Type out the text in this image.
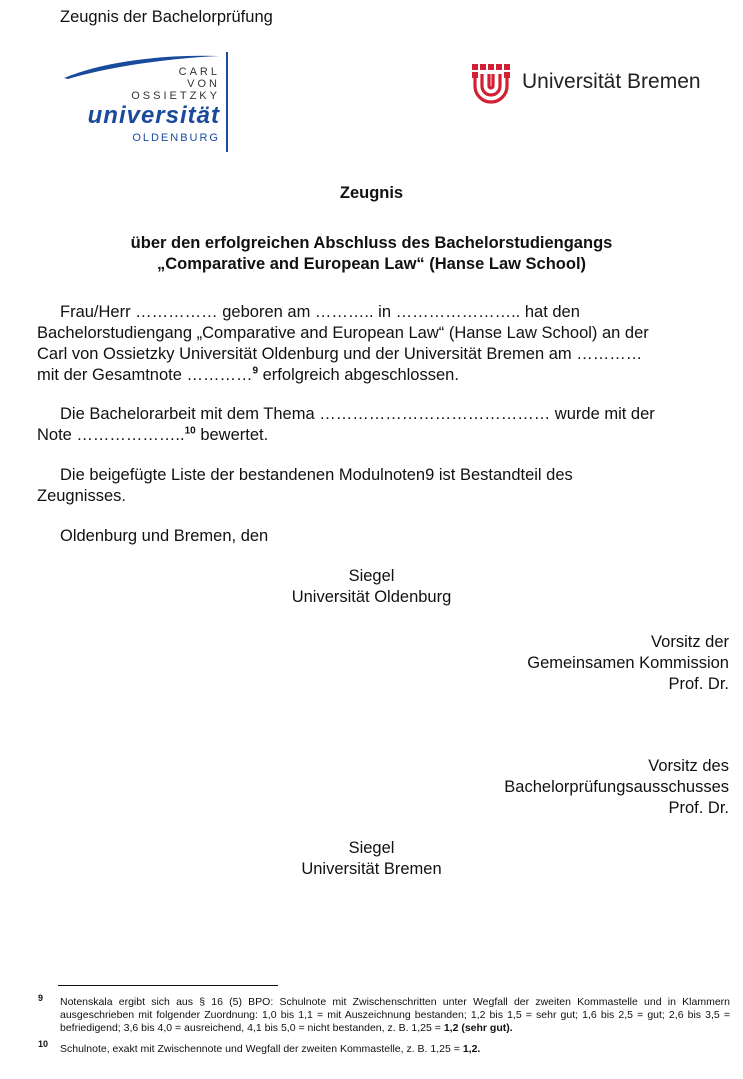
Zeugnis der Bachelorprüfung
CARL
VON
OSSIETZKY
universität
OLDENBURG
Universität Bremen
Zeugnis
über den erfolgreichen Abschluss des Bachelorstudiengangs
„Comparative and European Law“ (Hanse Law School)
Frau/Herr …………… geboren am ……….. in ………………….. hat den
Bachelorstudiengang „Comparative and European Law“ (Hanse Law School) an der
Carl von Ossietzky Universität Oldenburg und der Universität Bremen am …………
mit der Gesamtnote …………$^9$ erfolgreich abgeschlossen.
Die Bachelorarbeit mit dem Thema …………………………………… wurde mit der
Note ………………..$^{10}$ bewertet.
Die beigefügte Liste der bestandenen Modulnoten9 ist Bestandteil des
Zeugnisses.
Oldenburg und Bremen, den
Siegel
Universität Oldenburg
Vorsitz der
Gemeinsamen Kommission
Prof. Dr.
Vorsitz des
Bachelorprüfungsausschusses
Prof. Dr.
Siegel
Universität Bremen
9 Notenskala ergibt sich aus § 16 (5) BPO: Schulnote mit Zwischenschritten unter Wegfall der zweiten Kommastelle und in Klammern ausgeschrieben mit folgender Zuordnung: 1,0 bis 1,1 = mit Auszeichnung bestanden; 1,2 bis 1,5 = sehr gut; 1,6 bis 2,5 = gut; 2,6 bis 3,5 = befriedigend; 3,6 bis 4,0 = ausreichend, 4,1 bis 5,0 = nicht bestanden, z. B. 1,25 = 1,2 (sehr gut).
10 Schulnote, exakt mit Zwischennote und Wegfall der zweiten Kommastelle, z. B. 1,25 = 1,2.
